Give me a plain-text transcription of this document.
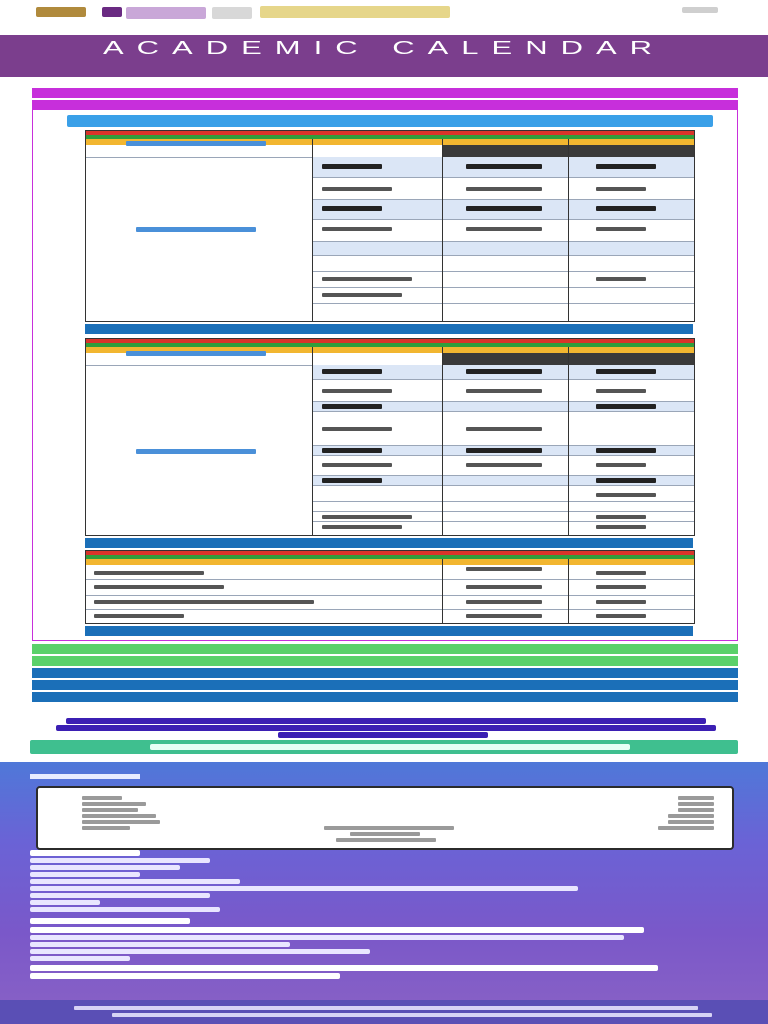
ACADEMIC CALENDAR
